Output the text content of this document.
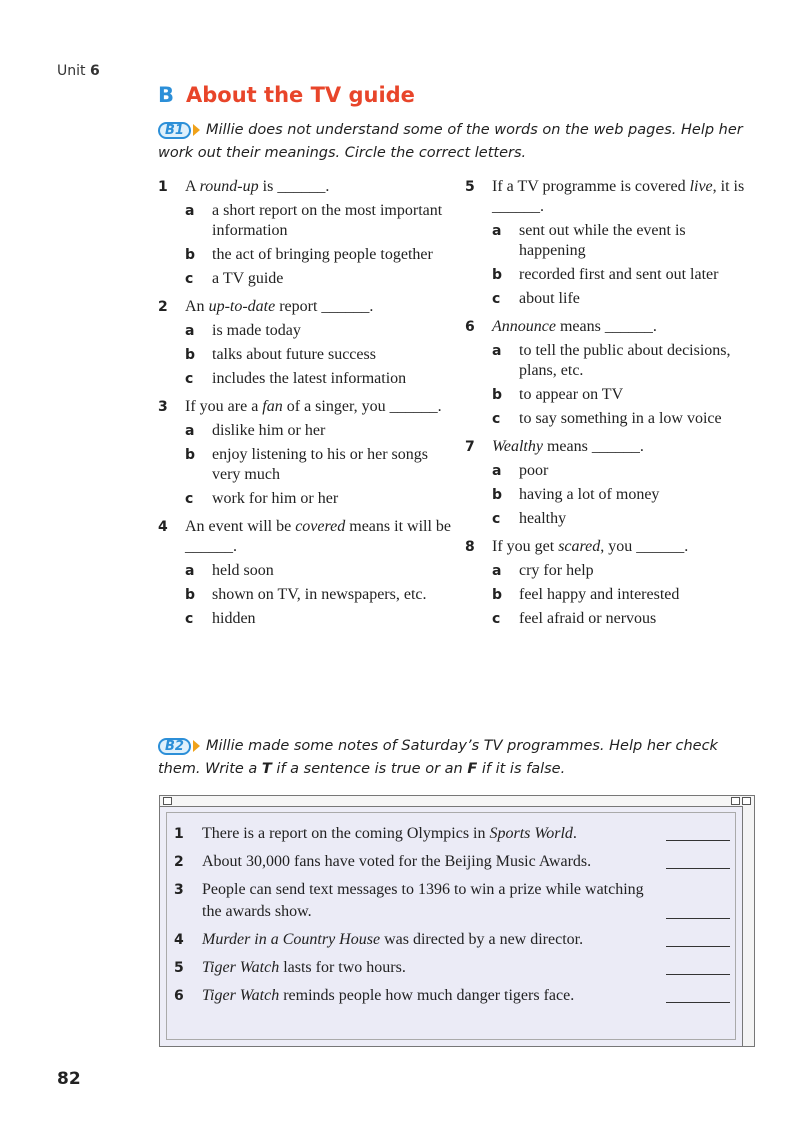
Unit 6
B About the TV guide
B1	Millie does not understand some of the words on the web pages. Help her work out their meanings. Circle the correct letters.
1 A round-up is ______.
a a short report on the most important information
b the act of bringing people together
c a TV guide
2 An up-to-date report ______.
a is made today
b talks about future success
c includes the latest information
3 If you are a fan of a singer, you ______.
a dislike him or her
b enjoy listening to his or her songs very much
c work for him or her
4 An event will be covered means it will be ______.
a held soon
b shown on TV, in newspapers, etc.
c hidden
5 If a TV programme is covered live, it is ______.
a sent out while the event is happening
b recorded first and sent out later
c about life
6 Announce means ______.
a to tell the public about decisions, plans, etc.
b to appear on TV
c to say something in a low voice
7 Wealthy means ______.
a poor
b having a lot of money
c healthy
8 If you get scared, you ______.
a cry for help
b feel happy and interested
c feel afraid or nervous
B2	Millie made some notes of Saturday’s TV programmes. Help her check them. Write a T if a sentence is true or an F if it is false.
1 There is a report on the coming Olympics in Sports World.
2 About 30,000 fans have voted for the Beijing Music Awards.
3 People can send text messages to 1396 to win a prize while watching the awards show.
4 Murder in a Country House was directed by a new director.
5 Tiger Watch lasts for two hours.
6 Tiger Watch reminds people how much danger tigers face.
82
